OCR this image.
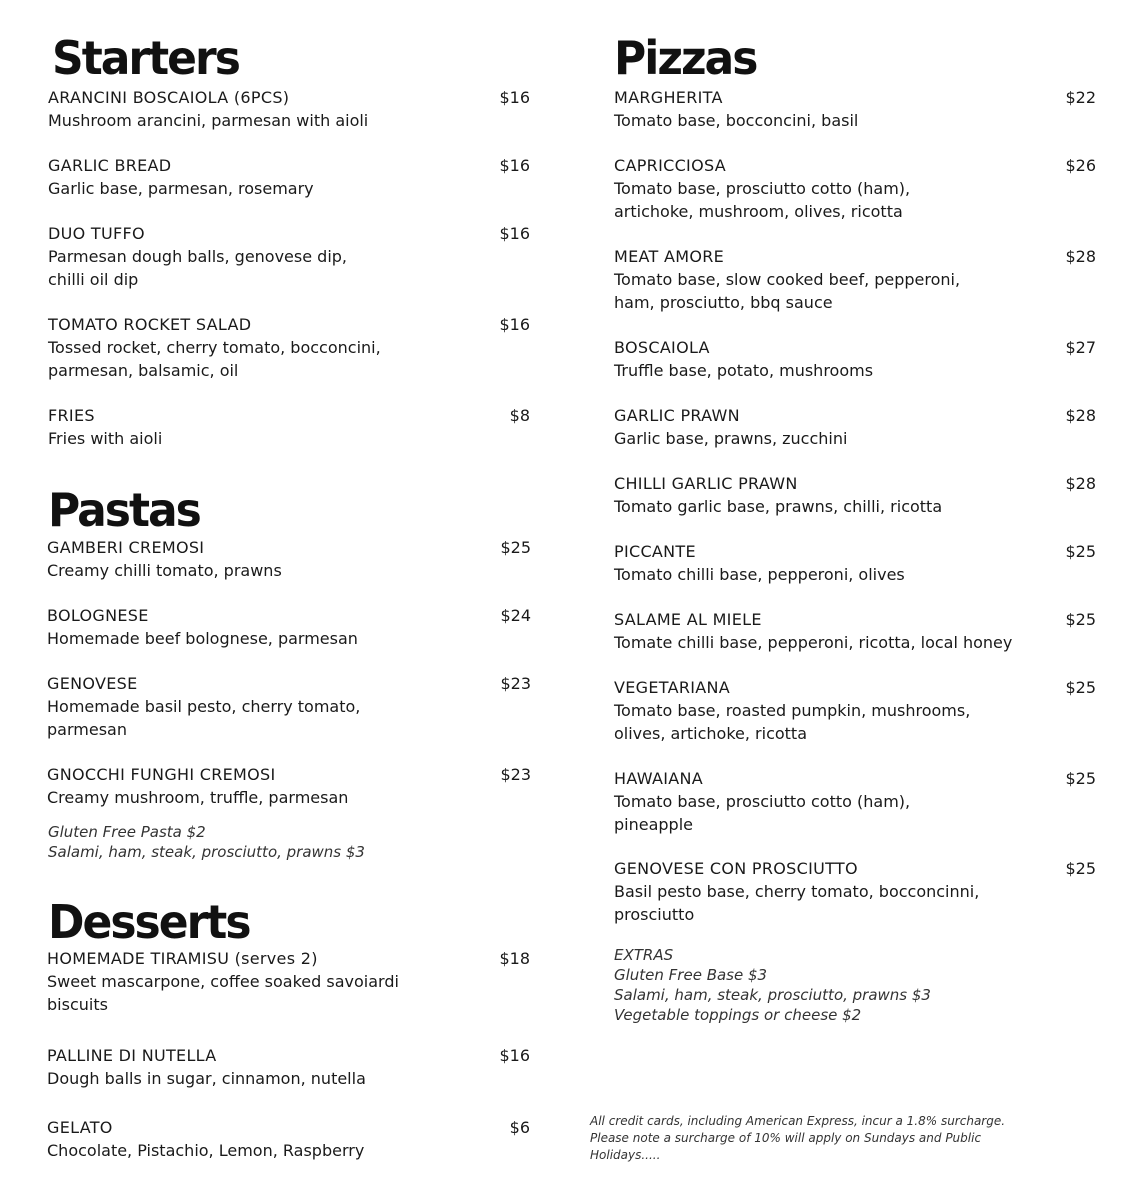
Starters
ARANCINI BOSCAIOLA (6PCS)	$16
Mushroom arancini, parmesan with aioli
GARLIC BREAD	$16
Garlic base, parmesan, rosemary
DUO TUFFO	$16
Parmesan dough balls, genovese dip,
chilli oil dip
TOMATO ROCKET SALAD	$16
Tossed rocket, cherry tomato, bocconcini,
parmesan, balsamic, oil
FRIES	$8
Fries with aioli
Pastas
GAMBERI CREMOSI	$25
Creamy chilli tomato, prawns
BOLOGNESE	$24
Homemade beef bolognese, parmesan
GENOVESE	$23
Homemade basil pesto, cherry tomato,
parmesan
GNOCCHI FUNGHI CREMOSI	$23
Creamy mushroom, truffle, parmesan
Gluten Free Pasta $2
Salami, ham, steak, prosciutto, prawns $3
Desserts
HOMEMADE TIRAMISU (serves 2)	$18
Sweet mascarpone, coffee soaked savoiardi
biscuits
PALLINE DI NUTELLA	$16
Dough balls in sugar, cinnamon, nutella
GELATO	$6
Chocolate, Pistachio, Lemon, Raspberry
Pizzas
MARGHERITA	$22
Tomato base, bocconcini, basil
CAPRICCIOSA	$26
Tomato base, prosciutto cotto (ham),
artichoke, mushroom, olives, ricotta
MEAT AMORE	$28
Tomato base, slow cooked beef, pepperoni,
ham, prosciutto, bbq sauce
BOSCAIOLA	$27
Truffle base, potato, mushrooms
GARLIC PRAWN	$28
Garlic base, prawns, zucchini
CHILLI GARLIC PRAWN	$28
Tomato garlic base, prawns, chilli, ricotta
PICCANTE	$25
Tomato chilli base, pepperoni, olives
SALAME AL MIELE	$25
Tomate chilli base, pepperoni, ricotta, local honey
VEGETARIANA	$25
Tomato base, roasted pumpkin, mushrooms,
olives, artichoke, ricotta
HAWAIANA	$25
Tomato base, prosciutto cotto (ham),
pineapple
GENOVESE CON PROSCIUTTO	$25
Basil pesto base, cherry tomato, bocconcinni,
prosciutto
EXTRAS
Gluten Free Base $3
Salami, ham, steak, prosciutto, prawns $3
Vegetable toppings or cheese $2
All credit cards, including American Express, incur a 1.8% surcharge.
Please note a surcharge of 10% will apply on Sundays and Public
Holidays.....
